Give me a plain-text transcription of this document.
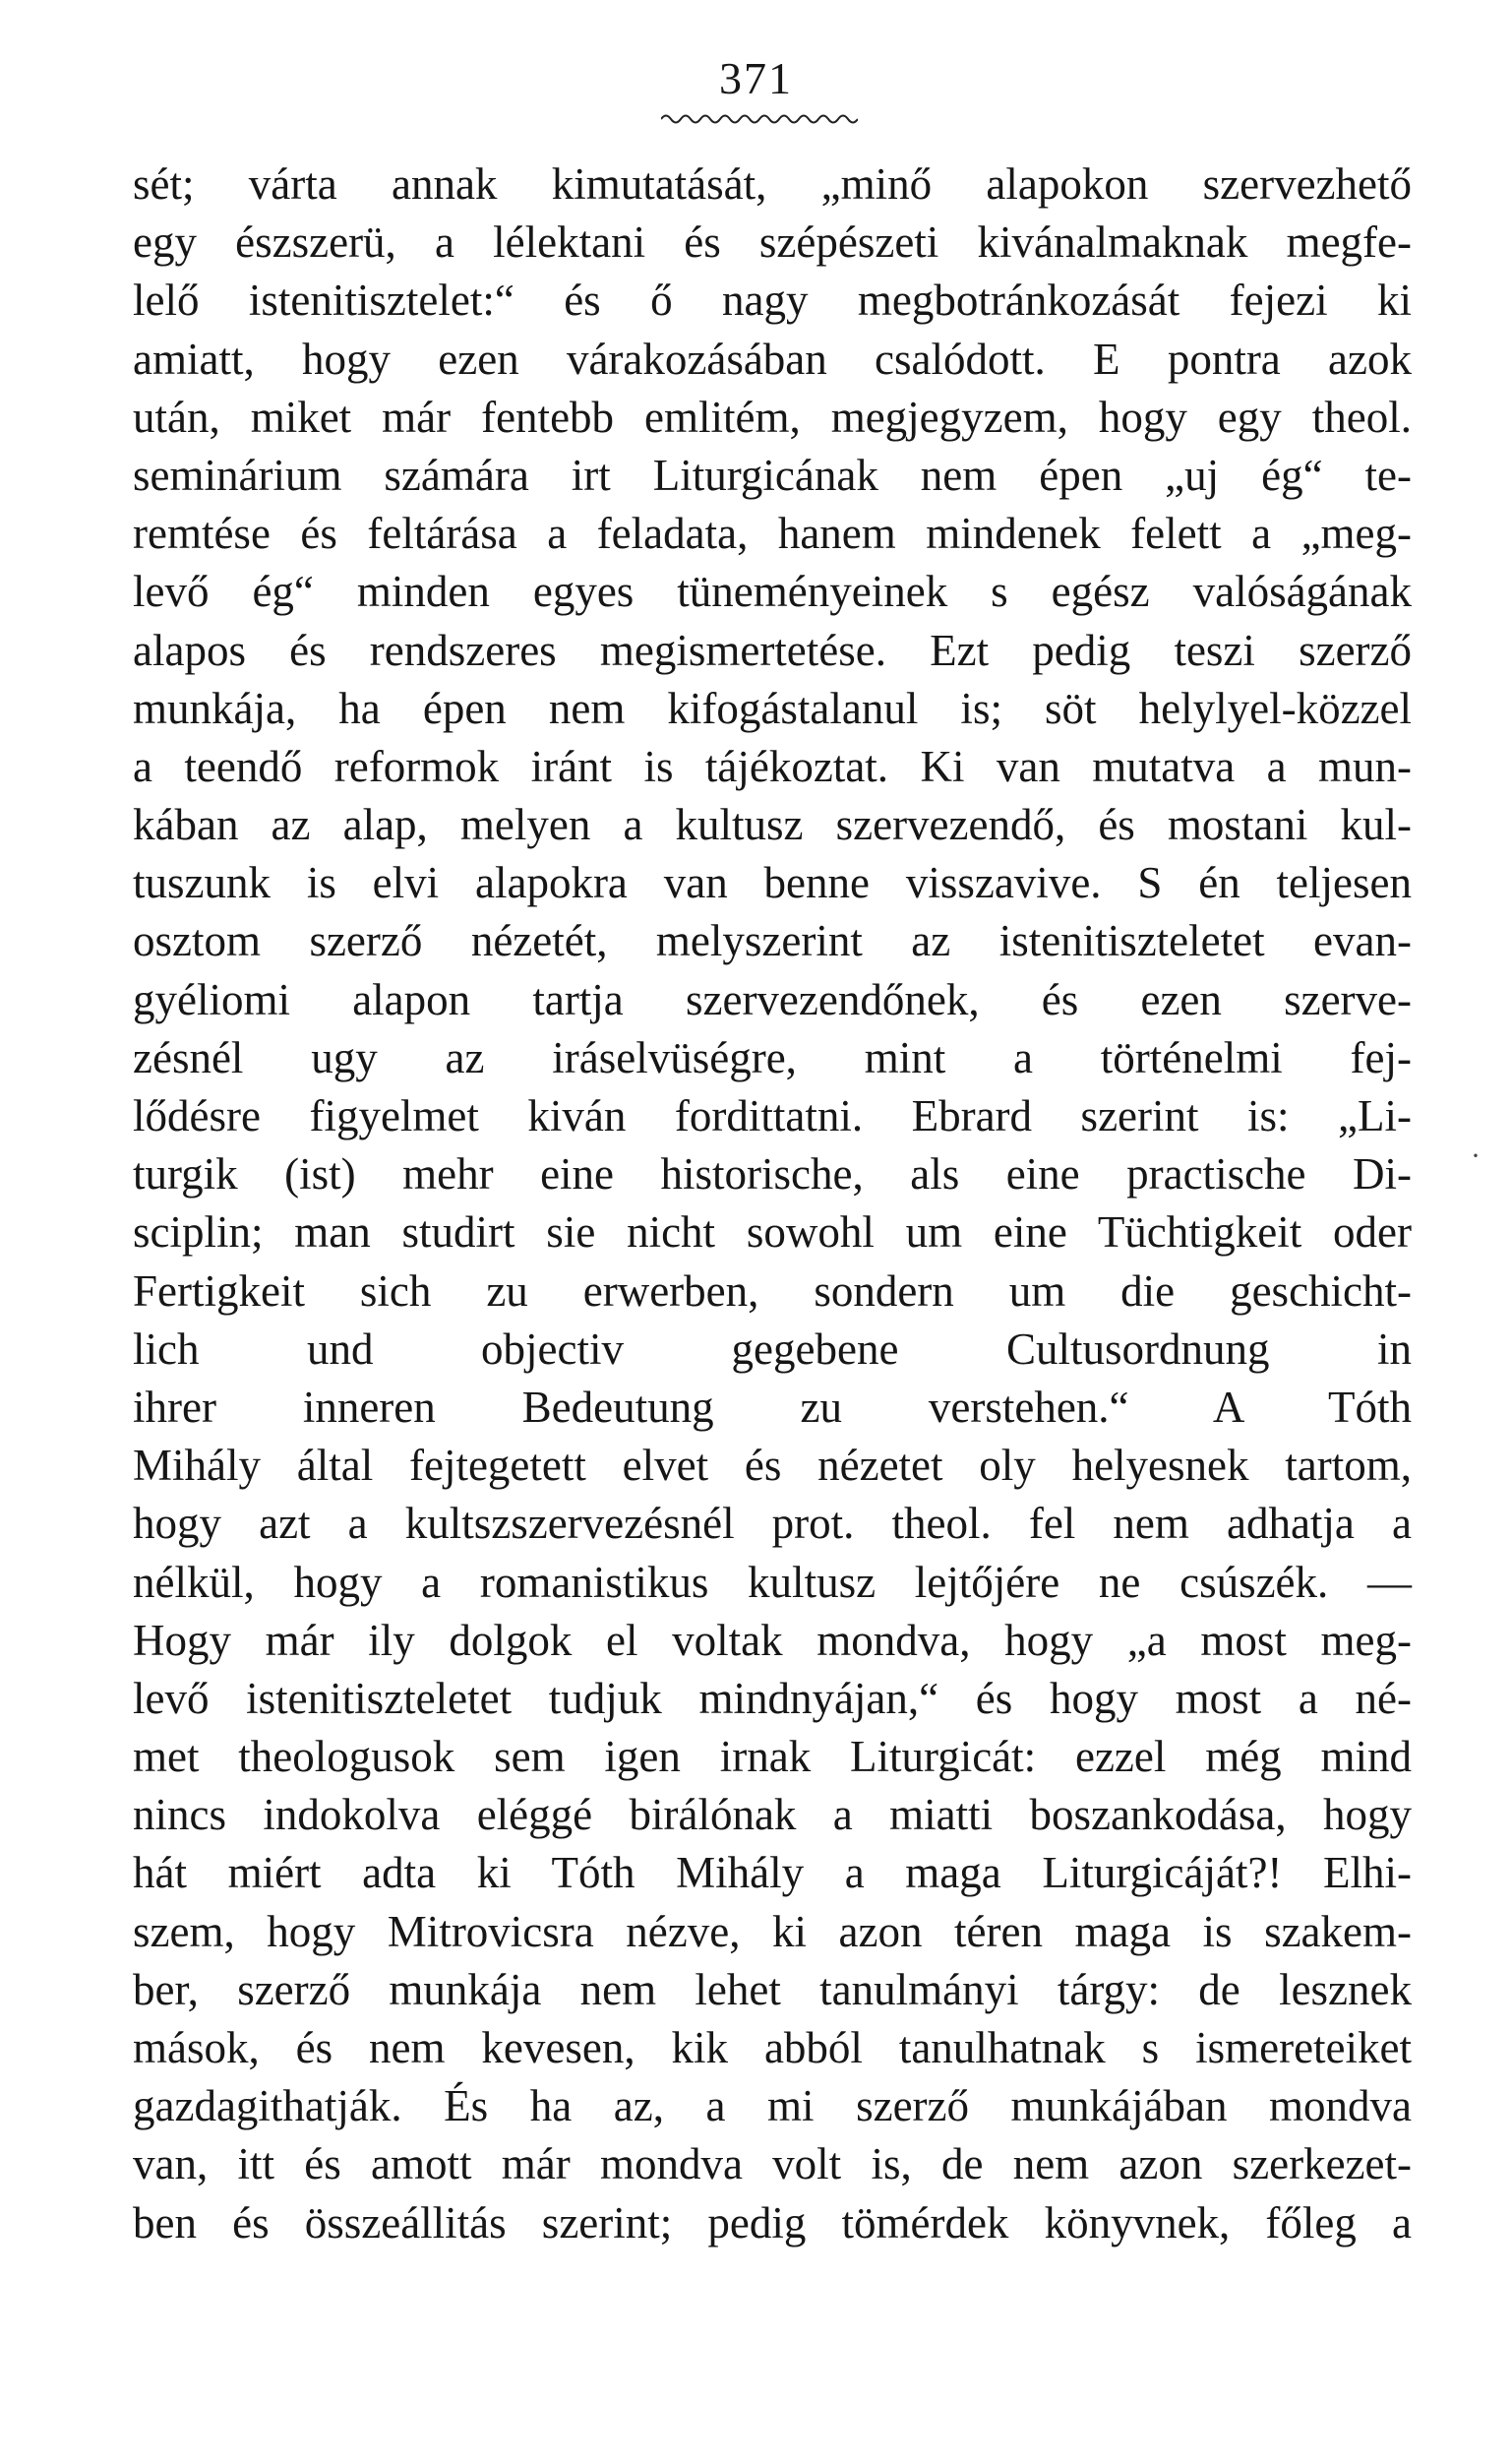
371
sét; várta annak kimutatását, „minő alapokon szervezhető
egy észszerü, a lélektani és szépészeti kivánalmaknak megfe-
lelő istenitisztelet:“ és ő nagy megbotránkozását fejezi ki
amiatt, hogy ezen várakozásában csalódott. E pontra azok
után, miket már fentebb emlitém, megjegyzem, hogy egy theol.
seminárium számára irt Liturgicának nem épen „uj ég“ te-
remtése és feltárása a feladata, hanem mindenek felett a „meg-
levő ég“ minden egyes tüneményeinek s egész valóságának
alapos és rendszeres megismertetése. Ezt pedig teszi szerző
munkája, ha épen nem kifogástalanul is; söt helylyel-közzel
a teendő reformok iránt is tájékoztat. Ki van mutatva a mun-
kában az alap, melyen a kultusz szervezendő, és mostani kul-
tuszunk is elvi alapokra van benne visszavive. S én teljesen
osztom szerző nézetét, melyszerint az istenitiszteletet evan-
gyéliomi alapon tartja szervezendőnek, és ezen szerve-
zésnél ugy az iráselvüségre, mint a történelmi fej-
lődésre figyelmet kiván fordittatni. Ebrard szerint is: „Li-
turgik (ist) mehr eine historische, als eine practische Di-
sciplin; man studirt sie nicht sowohl um eine Tüchtigkeit oder
Fertigkeit sich zu erwerben, sondern um die geschicht-
lich und objectiv gegebene Cultusordnung in
ihrer inneren Bedeutung zu verstehen.“ A Tóth
Mihály által fejtegetett elvet és nézetet oly helyesnek tartom,
hogy azt a kultszszervezésnél prot. theol. fel nem adhatja a
nélkül, hogy a romanistikus kultusz lejtőjére ne csúszék. —
Hogy már ily dolgok el voltak mondva, hogy „a most meg-
levő istenitiszteletet tudjuk mindnyájan,“ és hogy most a né-
met theologusok sem igen irnak Liturgicát: ezzel még mind
nincs indokolva eléggé birálónak a miatti boszankodása, hogy
hát miért adta ki Tóth Mihály a maga Liturgicáját?! Elhi-
szem, hogy Mitrovicsra nézve, ki azon téren maga is szakem-
ber, szerző munkája nem lehet tanulmányi tárgy: de lesznek
mások, és nem kevesen, kik abból tanulhatnak s ismereteiket
gazdagithatják. És ha az, a mi szerző munkájában mondva
van, itt és amott már mondva volt is, de nem azon szerkezet-
ben és összeállitás szerint; pedig tömérdek könyvnek, főleg a
·
